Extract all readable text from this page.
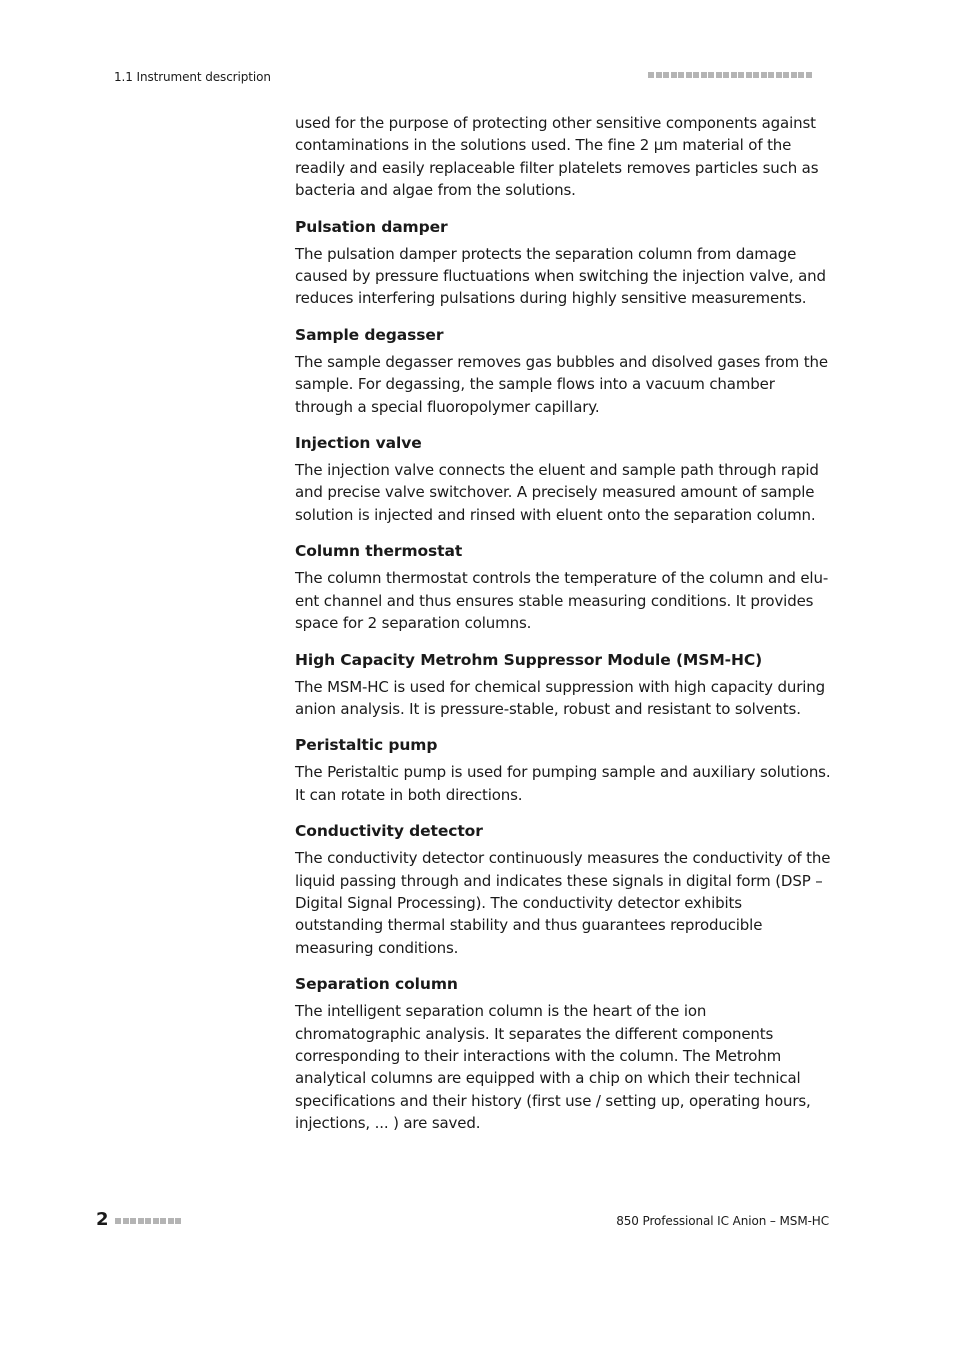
1.1 Instrument description

used for the purpose of protecting other sensitive components against contaminations in the solutions used. The fine 2 µm material of the readily and easily replaceable filter platelets removes particles such as bacteria and algae from the solutions.

Pulsation damper

The pulsation damper protects the separation column from damage caused by pressure fluctuations when switching the injection valve, and reduces interfering pulsations during highly sensitive measurements.

Sample degasser

The sample degasser removes gas bubbles and disolved gases from the sample. For degassing, the sample flows into a vacuum chamber through a special fluoropolymer capillary.

Injection valve

The injection valve connects the eluent and sample path through rapid and precise valve switchover. A precisely measured amount of sample solution is injected and rinsed with eluent onto the separation column.

Column thermostat

The column thermostat controls the temperature of the column and eluent channel and thus ensures stable measuring conditions. It provides space for 2 separation columns.

High Capacity Metrohm Suppressor Module (MSM-HC)

The MSM-HC is used for chemical suppression with high capacity during anion analysis. It is pressure-stable, robust and resistant to solvents.

Peristaltic pump

The Peristaltic pump is used for pumping sample and auxiliary solutions. It can rotate in both directions.

Conductivity detector

The conductivity detector continuously measures the conductivity of the liquid passing through and indicates these signals in digital form (DSP – Digital Signal Processing). The conductivity detector exhibits outstanding thermal stability and thus guarantees reproducible measuring conditions.

Separation column

The intelligent separation column is the heart of the ion chromatographic analysis. It separates the different components corresponding to their interactions with the column. The Metrohm analytical columns are equipped with a chip on which their technical specifications and their history (first use / setting up, operating hours, injections, ... ) are saved.

2	850 Professional IC Anion – MSM-HC
